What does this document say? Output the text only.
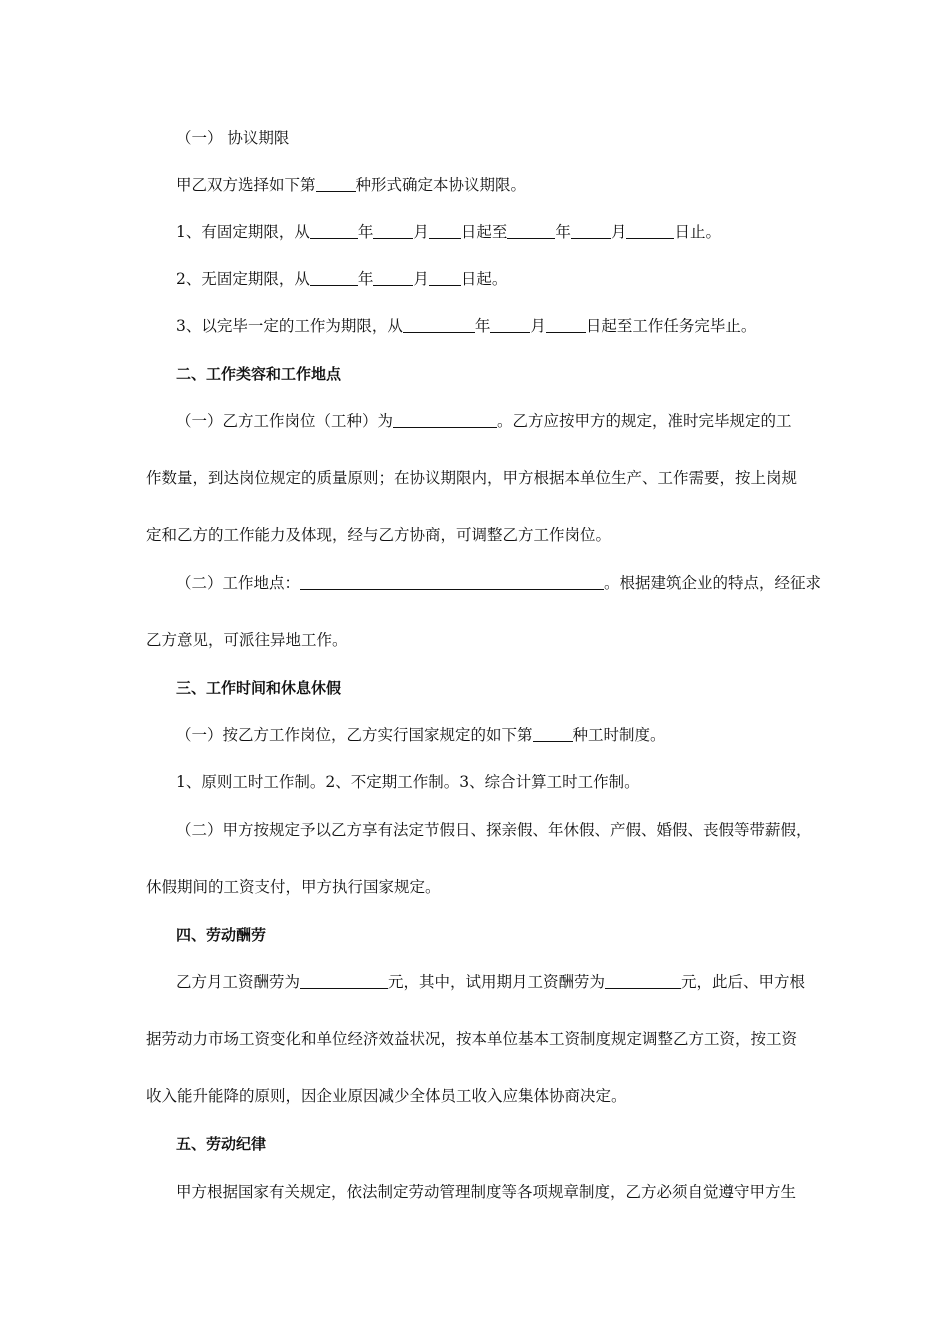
（一） 协议期限
甲乙双方选择如下第	种形式确定本协议期限。
1、有固定期限，从	年	月 日起至	年	月	日止。
2、无固定期限，从	年	月 日起。
3、以完毕一定的工作为期限，从	年	月	日起至工作任务完毕止。
二、工作类容和工作地点
（一）乙方工作岗位（工种）为	。乙方应按甲方的规定，准时完毕规定的工
作数量，到达岗位规定的质量原则；在协议期限内，甲方根据本单位生产、工作需要，按上岗规
定和乙方的工作能力及体现，经与乙方协商，可调整乙方工作岗位。
（二）工作地点：	。根据建筑企业的特点，经征求
乙方意见，可派往异地工作。
三、工作时间和休息休假
（一）按乙方工作岗位，乙方实行国家规定的如下第	种工时制度。
1、原则工时工作制。2、不定期工作制。3、综合计算工时工作制。
（二）甲方按规定予以乙方享有法定节假日、探亲假、年休假、产假、婚假、丧假等带薪假，
休假期间的工资支付，甲方执行国家规定。
四、劳动酬劳
乙方月工资酬劳为	元，其中，试用期月工资酬劳为	元，此后、甲方根
据劳动力市场工资变化和单位经济效益状况，按本单位基本工资制度规定调整乙方工资，按工资
收入能升能降的原则，因企业原因减少全体员工收入应集体协商决定。
五、劳动纪律
甲方根据国家有关规定，依法制定劳动管理制度等各项规章制度，乙方必须自觉遵守甲方生
